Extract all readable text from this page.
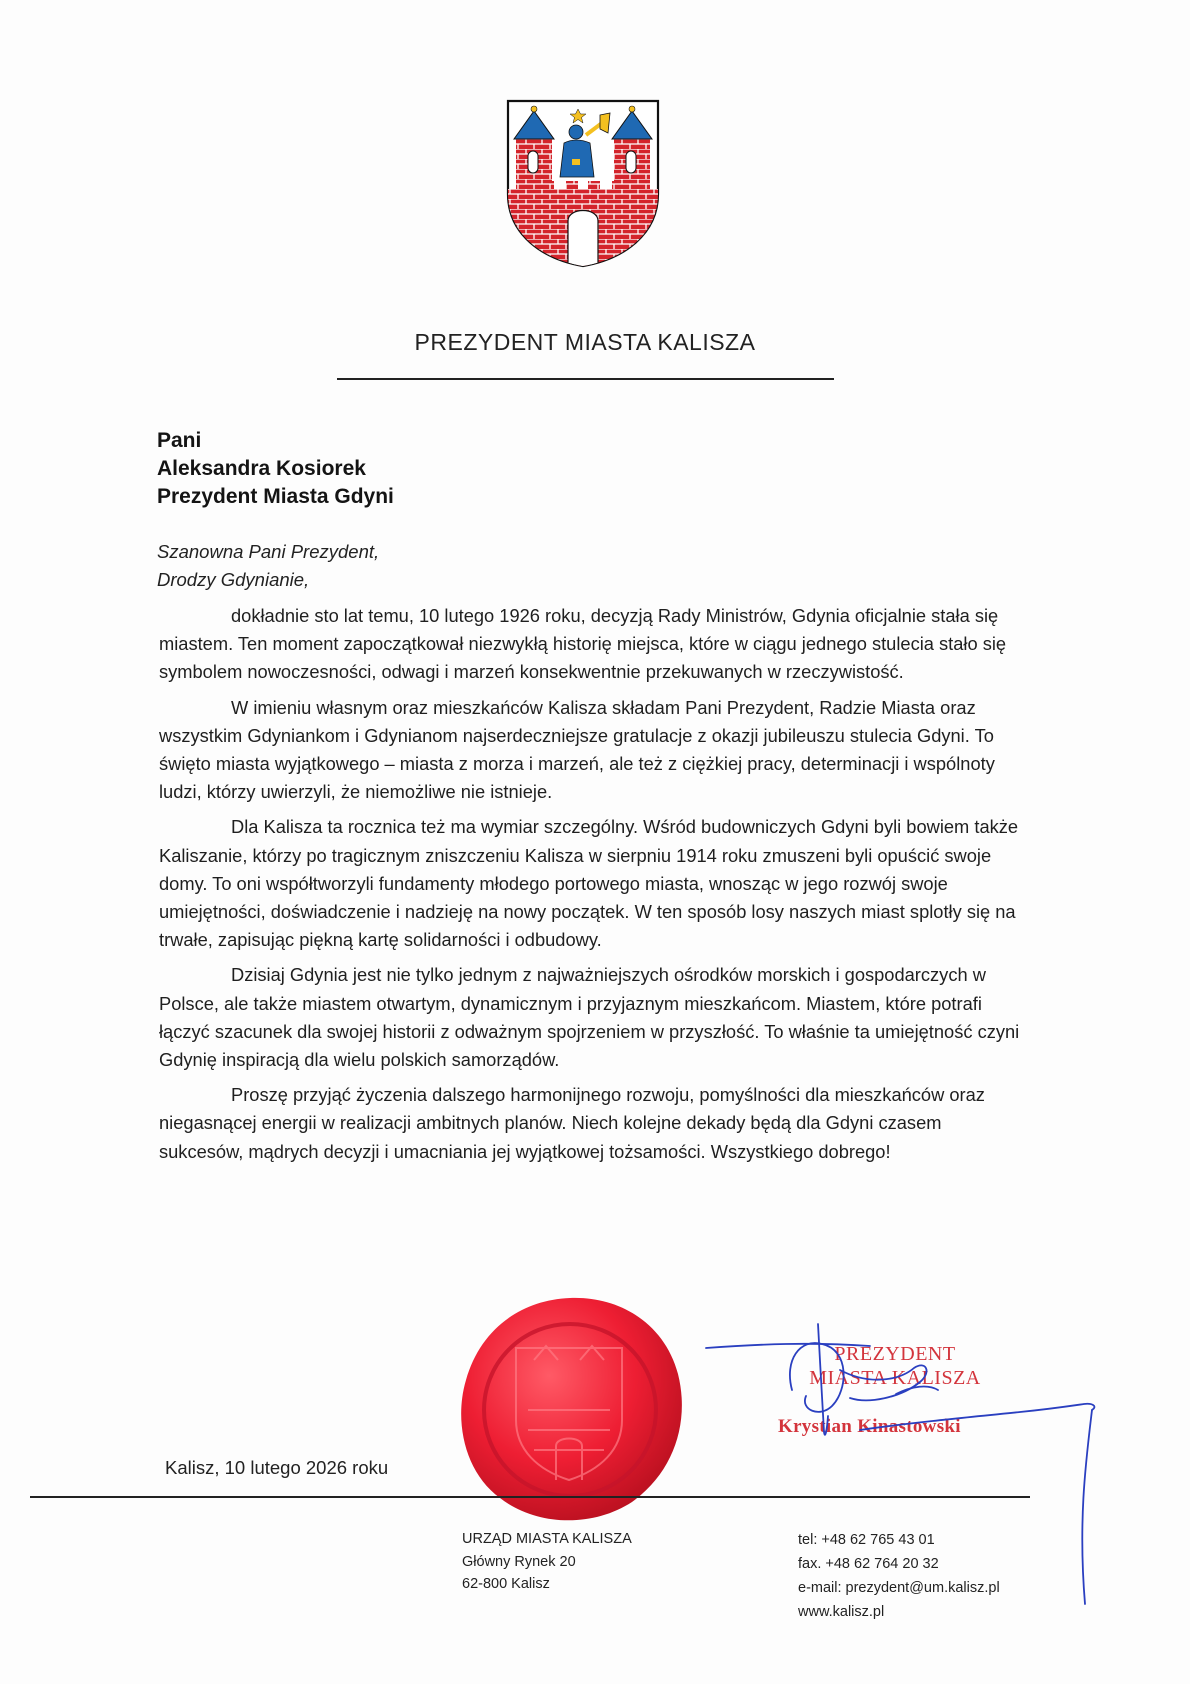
PREZYDENT MIASTA KALISZA
Pani
Aleksandra Kosiorek
Prezydent Miasta Gdyni
Szanowna Pani Prezydent,
Drodzy Gdynianie,

dokładnie sto lat temu, 10 lutego 1926 roku, decyzją Rady Ministrów, Gdynia oficjalnie stała się miastem. Ten moment zapoczątkował niezwykłą historię miejsca, które w ciągu jednego stulecia stało się symbolem nowoczesności, odwagi i marzeń konsekwentnie przekuwanych w rzeczywistość.

W imieniu własnym oraz mieszkańców Kalisza składam Pani Prezydent, Radzie Miasta oraz wszystkim Gdyniankom i Gdynianom najserdeczniejsze gratulacje z okazji jubileuszu stulecia Gdyni. To święto miasta wyjątkowego – miasta z morza i marzeń, ale też z ciężkiej pracy, determinacji i wspólnoty ludzi, którzy uwierzyli, że niemożliwe nie istnieje.

Dla Kalisza ta rocznica też ma wymiar szczególny. Wśród budowniczych Gdyni byli bowiem także Kaliszanie, którzy po tragicznym zniszczeniu Kalisza w sierpniu 1914 roku zmuszeni byli opuścić swoje domy. To oni współtworzyli fundamenty młodego portowego miasta, wnosząc w jego rozwój swoje umiejętności, doświadczenie i nadzieję na nowy początek. W ten sposób losy naszych miast splotły się na trwałe, zapisując piękną kartę solidarności i odbudowy.

Dzisiaj Gdynia jest nie tylko jednym z najważniejszych ośrodków morskich i gospodarczych w Polsce, ale także miastem otwartym, dynamicznym i przyjaznym mieszkańcom. Miastem, które potrafi łączyć szacunek dla swojej historii z odważnym spojrzeniem w przyszłość. To właśnie ta umiejętność czyni Gdynię inspiracją dla wielu polskich samorządów.

Proszę przyjąć życzenia dalszego harmonijnego rozwoju, pomyślności dla mieszkańców oraz niegasnącej energii w realizacji ambitnych planów. Niech kolejne dekady będą dla Gdyni czasem sukcesów, mądrych decyzji i umacniania jej wyjątkowej tożsamości. Wszystkiego dobrego!

PREZYDENT
MIASTA KALISZA
Krystian Kinastowski
Kalisz, 10 lutego 2026 roku
URZĄD MIASTA KALISZA
Główny Rynek 20
62-800 Kalisz
tel: +48 62 765 43 01
fax. +48 62 764 20 32
e-mail: prezydent@um.kalisz.pl
www.kalisz.pl
